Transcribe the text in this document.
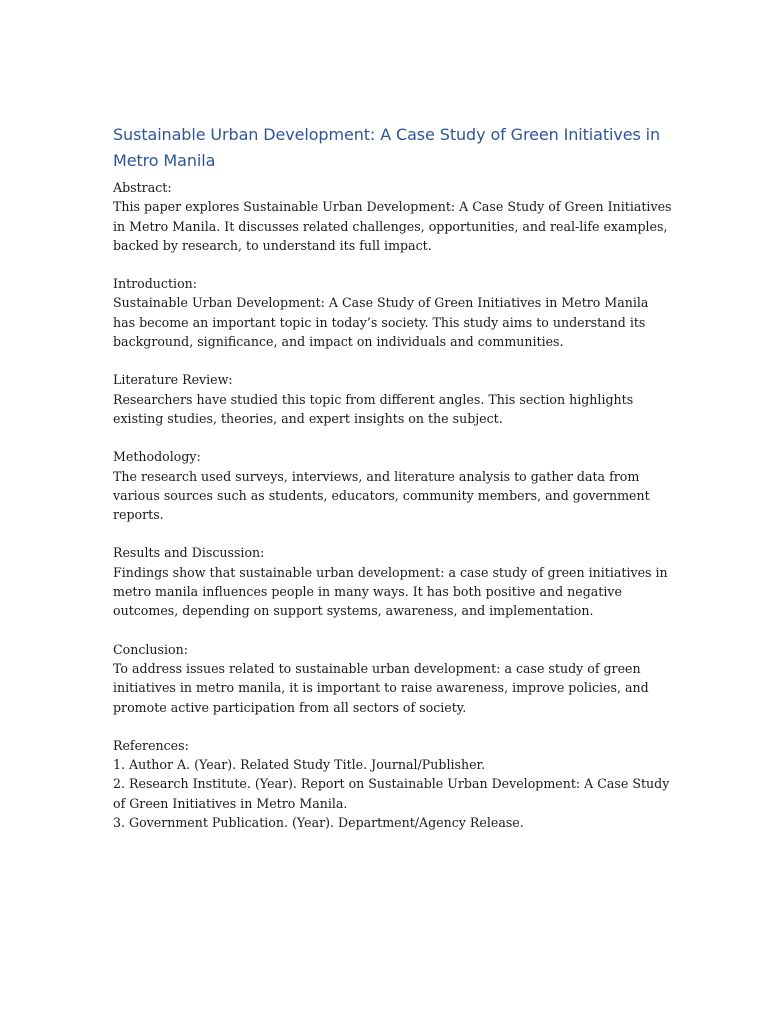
Sustainable Urban Development: A Case Study of Green Initiatives in Metro Manila

Abstract:
This paper explores Sustainable Urban Development: A Case Study of Green Initiatives in Metro Manila. It discusses related challenges, opportunities, and real-life examples, backed by research, to understand its full impact.

Introduction:
Sustainable Urban Development: A Case Study of Green Initiatives in Metro Manila has become an important topic in today’s society. This study aims to understand its background, significance, and impact on individuals and communities.

Literature Review:
Researchers have studied this topic from different angles. This section highlights existing studies, theories, and expert insights on the subject.

Methodology:
The research used surveys, interviews, and literature analysis to gather data from various sources such as students, educators, community members, and government reports.

Results and Discussion:
Findings show that sustainable urban development: a case study of green initiatives in metro manila influences people in many ways. It has both positive and negative outcomes, depending on support systems, awareness, and implementation.

Conclusion:
To address issues related to sustainable urban development: a case study of green initiatives in metro manila, it is important to raise awareness, improve policies, and promote active participation from all sectors of society.

References:

1. Author A. (Year). Related Study Title. Journal/Publisher.

2. Research Institute. (Year). Report on Sustainable Urban Development: A Case Study of Green Initiatives in Metro Manila.

3. Government Publication. (Year). Department/Agency Release.
